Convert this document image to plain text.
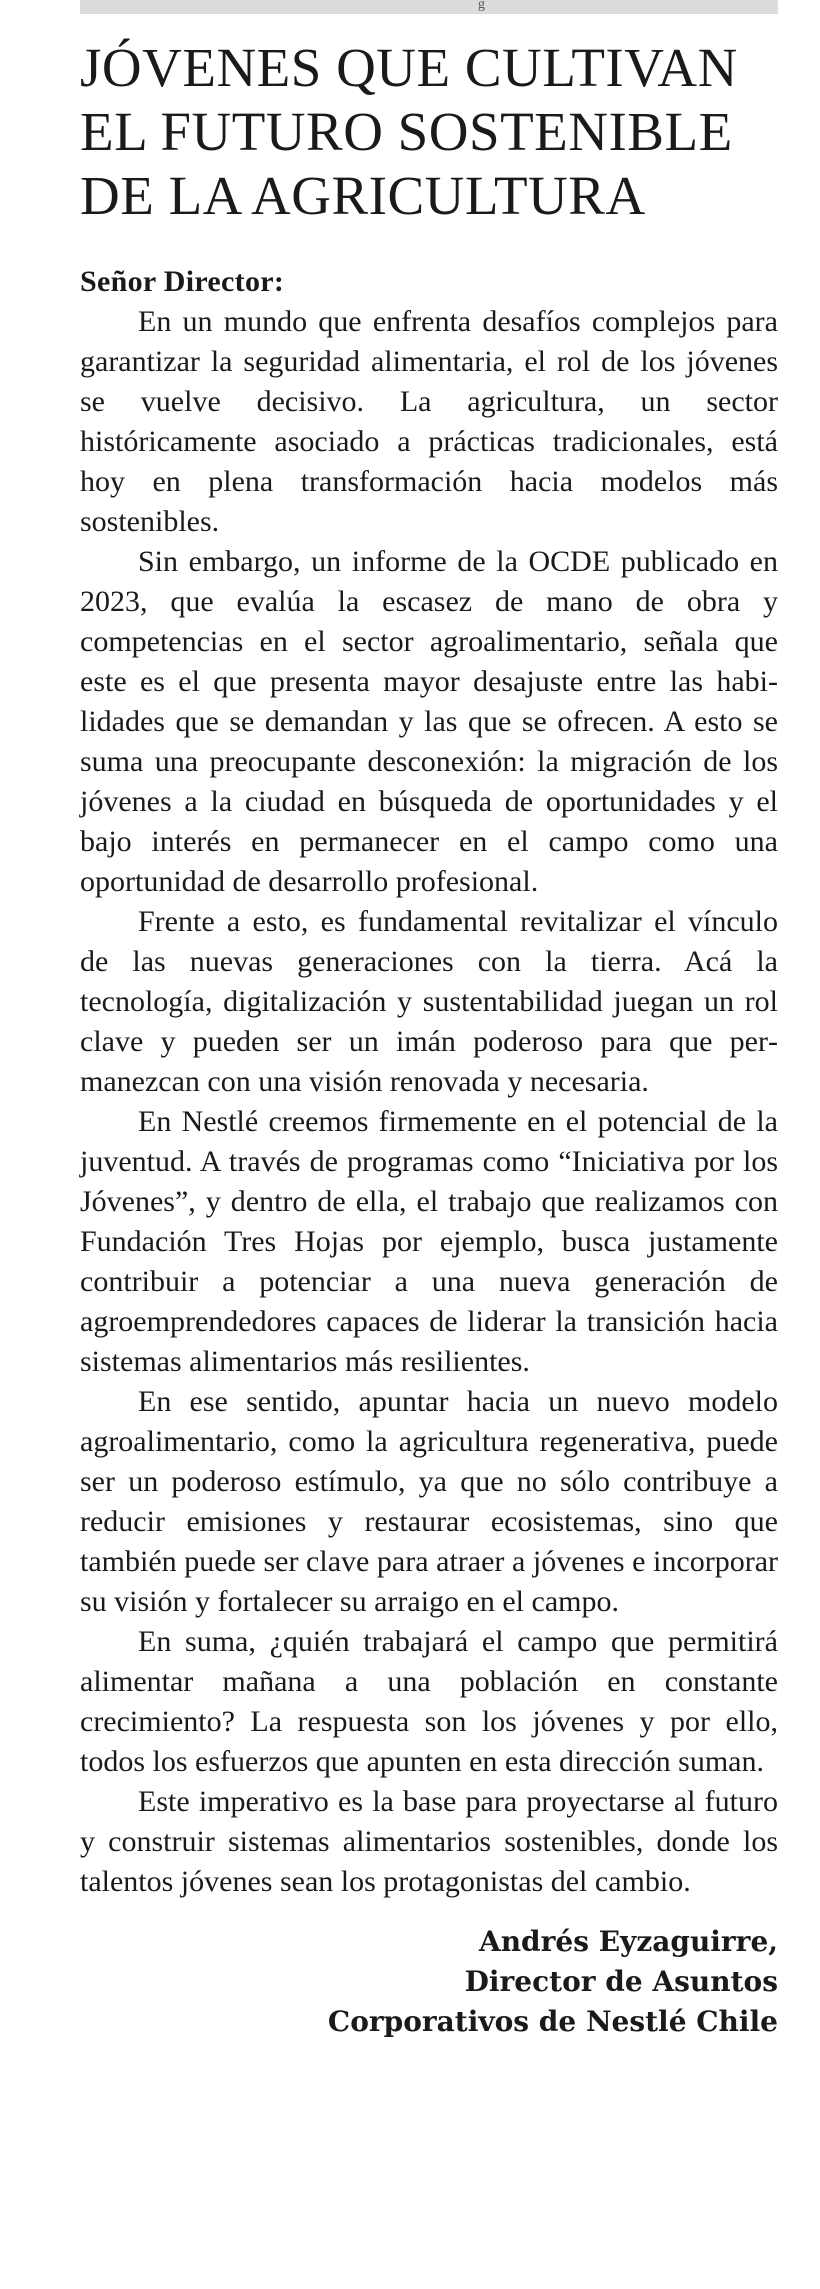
g
JÓVENES QUE CULTIVAN
EL FUTURO SOSTENIBLE
DE LA AGRICULTURA
Señor Director:

En un mundo que enfrenta desafíos complejos para garantizar la seguridad alimentaria, el rol de los jóvenes se vuelve decisivo. La agricultura, un sector históricamente asociado a prácticas tradicionales, está hoy en plena transformación hacia modelos más sostenibles.

Sin embargo, un informe de la OCDE publicado en 2023, que evalúa la escasez de mano de obra y competencias en el sector agroalimentario, señala que este es el que presenta mayor desajuste entre las habilidades que se demandan y las que se ofrecen. A esto se suma una preocupante desconexión: la migración de los jóvenes a la ciudad en búsqueda de oportunidades y el bajo interés en permanecer en el campo como una oportunidad de desarrollo profesional.

Frente a esto, es fundamental revitalizar el vínculo de las nuevas generaciones con la tierra. Acá la tecnología, digitalización y sustentabilidad juegan un rol clave y pueden ser un imán poderoso para que permanezcan con una visión renovada y necesaria.

En Nestlé creemos firmemente en el potencial de la juventud. A través de programas como “Iniciativa por los Jóvenes”, y dentro de ella, el trabajo que realizamos con Fundación Tres Hojas por ejemplo, busca justamente contribuir a potenciar a una nueva generación de agroemprendedores capaces de liderar la transición hacia sistemas alimentarios más resilientes.

En ese sentido, apuntar hacia un nuevo modelo agroalimentario, como la agricultura regenerativa, puede ser un poderoso estímulo, ya que no sólo contribuye a reducir emisiones y restaurar ecosistemas, sino que también puede ser clave para atraer a jóvenes e incorporar su visión y fortalecer su arraigo en el campo.

En suma, ¿quién trabajará el campo que permitirá alimentar mañana a una población en constante crecimiento? La respuesta son los jóvenes y por ello, todos los esfuerzos que apunten en esta dirección suman.

Este imperativo es la base para proyectarse al futuro y construir sistemas alimentarios sostenibles, donde los talentos jóvenes sean los protagonistas del cambio.

Andrés Eyzaguirre,
Director de Asuntos
Corporativos de Nestlé Chile
